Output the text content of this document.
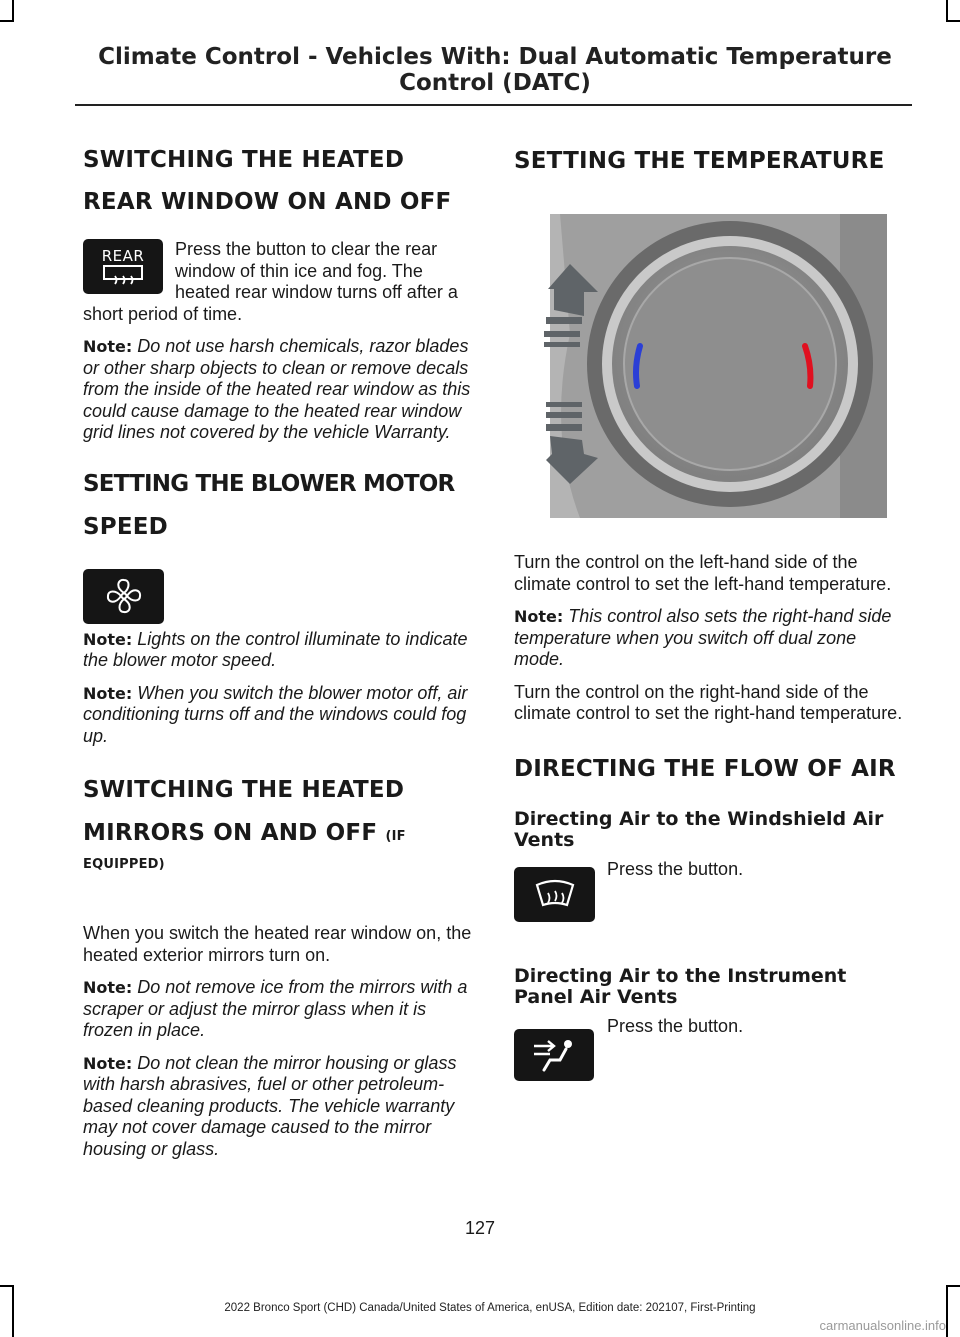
Climate Control - Vehicles With: Dual Automatic Temperature
Control (DATC)
SWITCHING THE HEATED
REAR WINDOW ON AND OFF
REAR	Press the button to clear the rear window of thin ice and fog. The heated rear window turns off after a short period of time.

Note: Do not use harsh chemicals, razor blades or other sharp objects to clean or remove decals from the inside of the heated rear window as this could cause damage to the heated rear window grid lines not covered by the vehicle Warranty.

SETTING THE BLOWER MOTOR
SPEED

Note: Lights on the control illuminate to indicate the blower motor speed.

Note: When you switch the blower motor off, air conditioning turns off and the windows could fog up.

SWITCHING THE HEATED
MIRRORS ON AND OFF (IF
EQUIPPED)

When you switch the heated rear window on, the heated exterior mirrors turn on.

Note: Do not remove ice from the mirrors with a scraper or adjust the mirror glass when it is frozen in place.

Note: Do not clean the mirror housing or glass with harsh abrasives, fuel or other petroleum-based cleaning products. The vehicle warranty may not cover damage caused to the mirror housing or glass.

SETTING THE TEMPERATURE

Turn the control on the left-hand side of the climate control to set the left-hand temperature.

Note: This control also sets the right-hand side temperature when you switch off dual zone mode.

Turn the control on the right-hand side of the climate control to set the right-hand temperature.

DIRECTING THE FLOW OF AIR
Directing Air to the Windshield Air Vents

Press the button.

Directing Air to the Instrument Panel Air Vents

Press the button.

127
2022 Bronco Sport (CHD) Canada/United States of America, enUSA, Edition date: 202107, First-Printing
carmanualsonline.info
